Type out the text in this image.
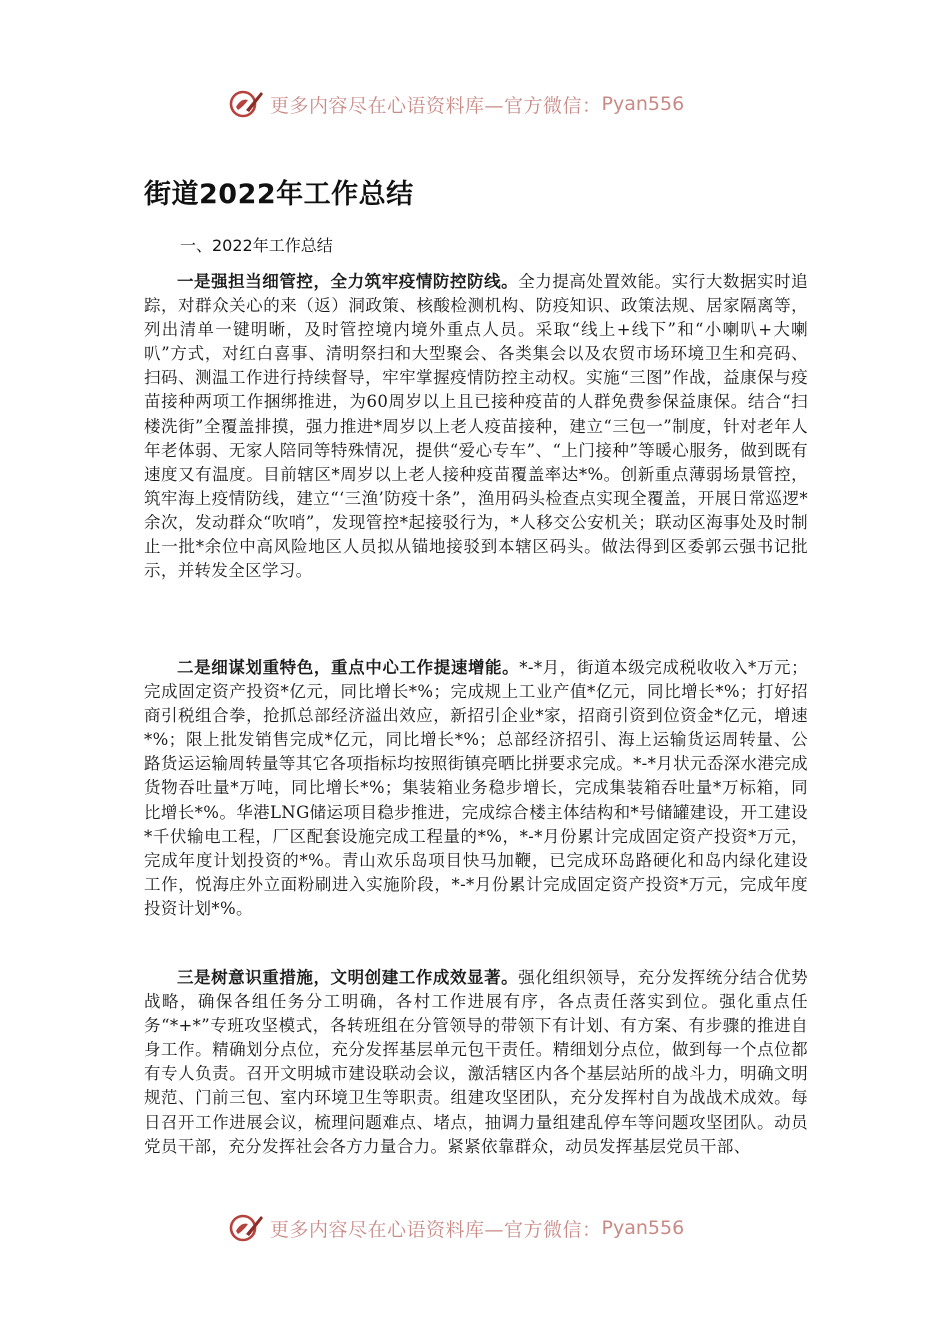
更多内容尽在心语资料库—官方微信： Pyan556
街道2022年工作总结
一、2022年工作总结

一是强担当细管控，全力筑牢疫情防控防线。全力提高处置效能。实行大数据实时追踪，对群众关心的来（返）洞政策、核酸检测机构、防疫知识、政策法规、居家隔离等，列出清单一键明晰，及时管控境内境外重点人员。采取“线上+线下”和“小喇叭+大喇叭”方式，对红白喜事、清明祭扫和大型聚会、各类集会以及农贸市场环境卫生和亮码、扫码、测温工作进行持续督导，牢牢掌握疫情防控主动权。实施“三图”作战，益康保与疫苗接种两项工作捆绑推进，为60周岁以上且已接种疫苗的人群免费参保益康保。结合“扫楼洗街”全覆盖排摸，强力推进*周岁以上老人疫苗接种，建立“三包一”制度，针对老年人年老体弱、无家人陪同等特殊情况，提供“爱心专车”、“上门接种”等暖心服务，做到既有速度又有温度。目前辖区*周岁以上老人接种疫苗覆盖率达*%。创新重点薄弱场景管控，筑牢海上疫情防线，建立“‘三渔’防疫十条”，渔用码头检查点实现全覆盖，开展日常巡逻*余次，发动群众“吹哨”，发现管控*起接驳行为，*人移交公安机关；联动区海事处及时制止一批*余位中高风险地区人员拟从锚地接驳到本辖区码头。做法得到区委郭云强书记批示，并转发全区学习。

二是细谋划重特色，重点中心工作提速增能。*-*月，街道本级完成税收收入*万元；完成固定资产投资*亿元，同比增长*%；完成规上工业产值*亿元，同比增长*%；打好招商引税组合拳，抢抓总部经济溢出效应，新招引企业*家，招商引资到位资金*亿元，增速*%；限上批发销售完成*亿元，同比增长*%；总部经济招引、海上运输货运周转量、公路货运运输周转量等其它各项指标均按照街镇亮晒比拼要求完成。*-*月状元岙深水港完成货物吞吐量*万吨，同比增长*%；集装箱业务稳步增长，完成集装箱吞吐量*万标箱，同比增长*%。华港LNG储运项目稳步推进，完成综合楼主体结构和*号储罐建设，开工建设*千伏输电工程，厂区配套设施完成工程量的*%，*-*月份累计完成固定资产投资*万元，完成年度计划投资的*%。青山欢乐岛项目快马加鞭，已完成环岛路硬化和岛内绿化建设工作，悦海庄外立面粉刷进入实施阶段，*-*月份累计完成固定资产投资*万元，完成年度投资计划*%。

三是树意识重措施，文明创建工作成效显著。强化组织领导，充分发挥统分结合优势战略，确保各组任务分工明确，各村工作进展有序，各点责任落实到位。强化重点任务“*+*”专班攻坚模式，各转班组在分管领导的带领下有计划、有方案、有步骤的推进自身工作。精确划分点位，充分发挥基层单元包干责任。精细划分点位，做到每一个点位都有专人负责。召开文明城市建设联动会议，激活辖区内各个基层站所的战斗力，明确文明规范、门前三包、室内环境卫生等职责。组建攻坚团队，充分发挥村自为战战术成效。每日召开工作进展会议，梳理问题难点、堵点，抽调力量组建乱停车等问题攻坚团队。动员党员干部，充分发挥社会各方力量合力。紧紧依靠群众，动员发挥基层党员干部、

更多内容尽在心语资料库—官方微信： Pyan556
